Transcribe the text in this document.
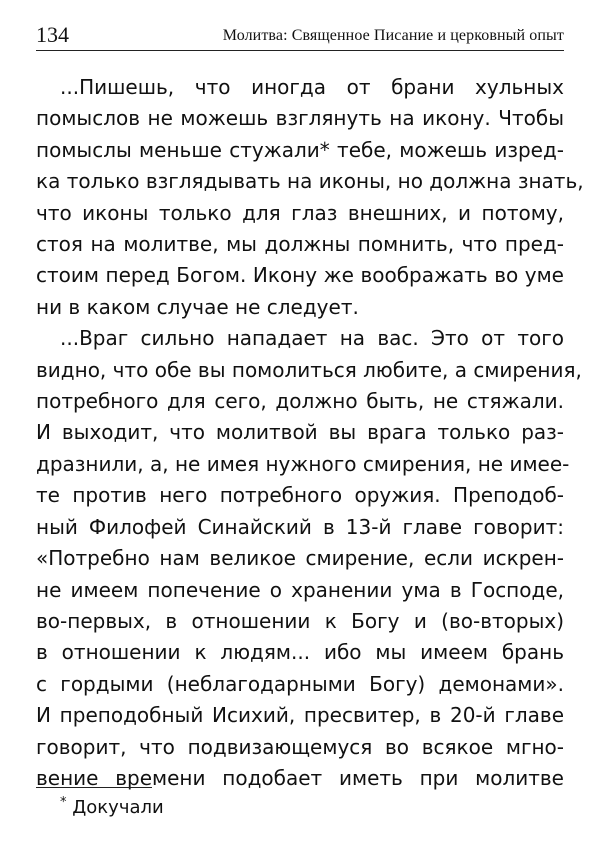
134	Молитва: Священное Писание и церковный опыт

...Пишешь, что иногда от брани хульных
помыслов не можешь взглянуть на икону. Чтобы
помыслы меньше стужали* тебе, можешь изред-
ка только взглядывать на иконы, но должна знать,
что иконы только для глаз внешних, и потому,
стоя на молитве, мы должны помнить, что пред-
стоим перед Богом. Икону же воображать во уме
ни в каком случае не следует.

...Враг сильно нападает на вас. Это от того
видно, что обе вы помолиться любите, а смирения,
потребного для сего, должно быть, не стяжали.
И выходит, что молитвой вы врага только раз-
дразнили, а, не имея нужного смирения, не имее-
те против него потребного оружия. Преподоб-
ный Филофей Синайский в 13-й главе говорит:
«Потребно нам великое смирение, если искрен-
не имеем попечение о хранении ума в Господе,
во-первых, в отношении к Богу и (во-вторых)
в отношении к людям... ибо мы имеем брань
с гордыми (неблагодарными Богу) демонами».
И преподобный Исихий, пресвитер, в 20-й главе
говорит, что подвизающемуся во всякое мгно-
вение времени подобает иметь при молитве

* Докучали
